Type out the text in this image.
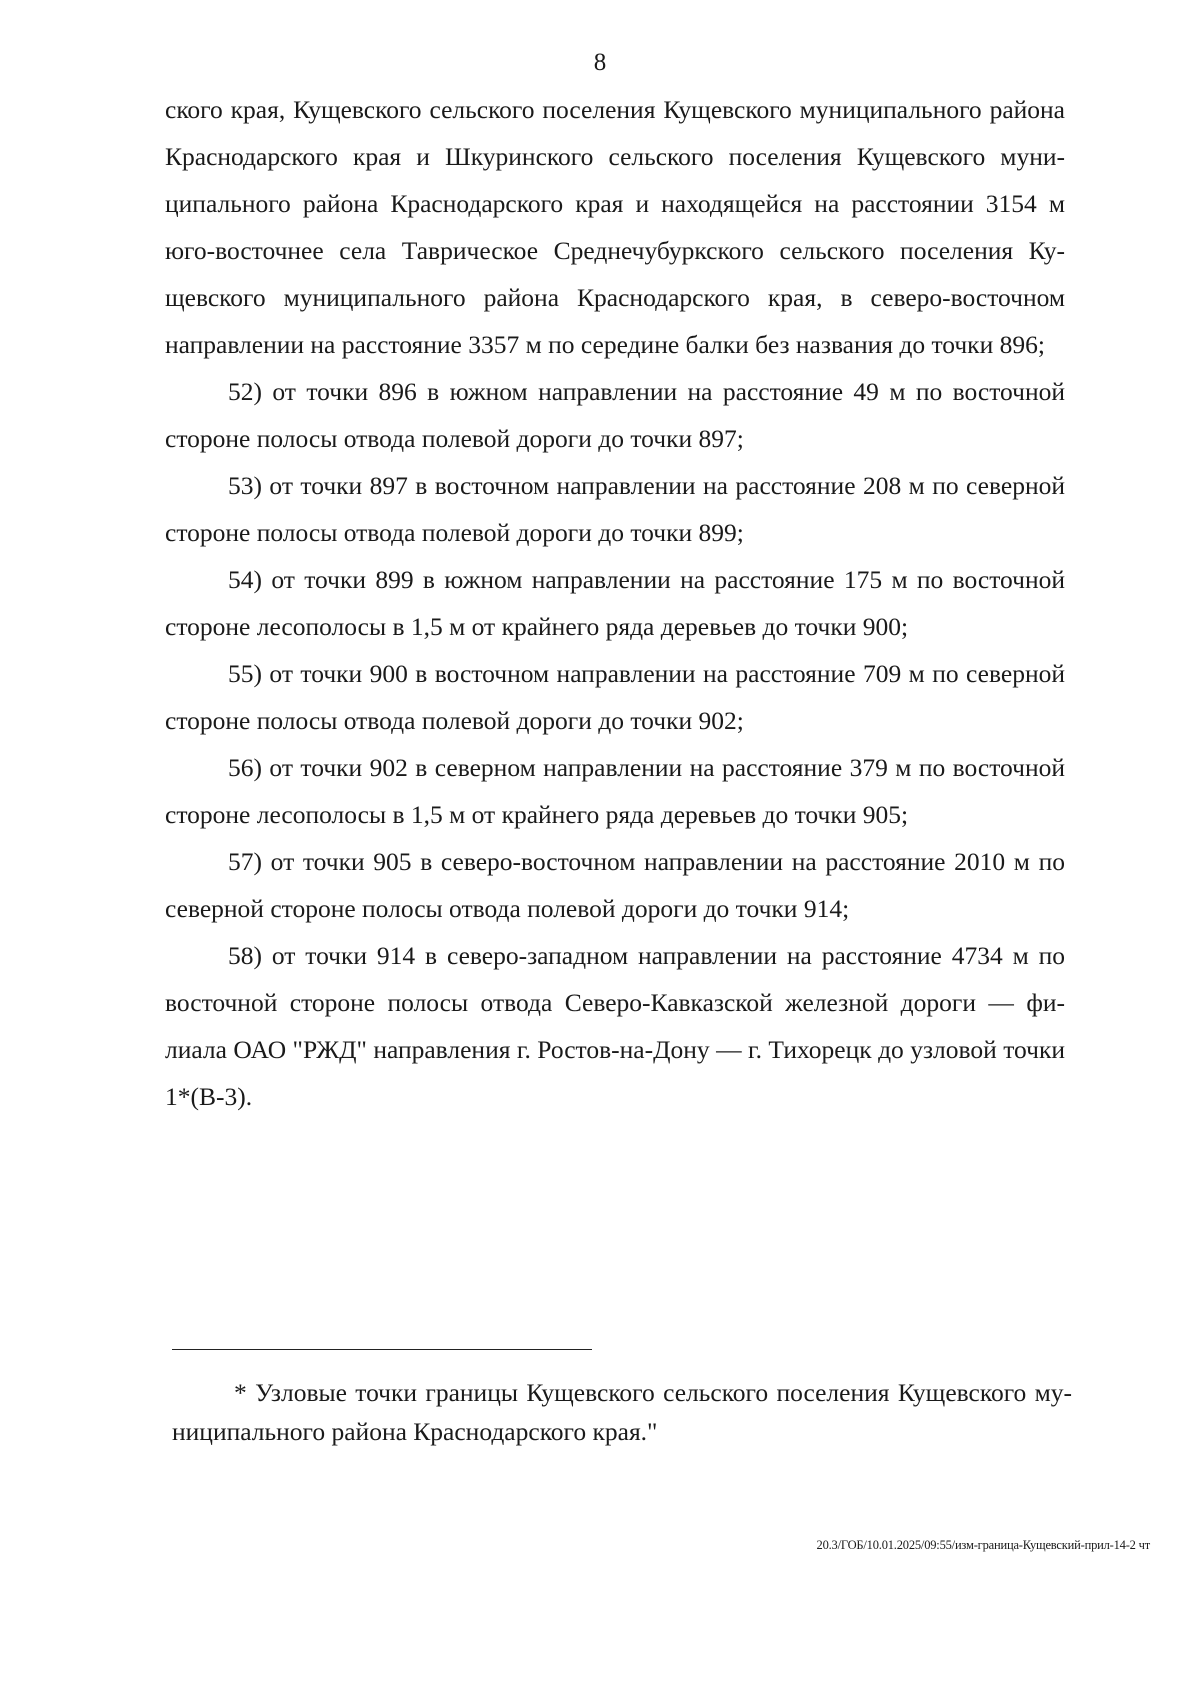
8

ского края, Кущевского сельского поселения Кущевского муниципального района Краснодарского края и Шкуринского сельского поселения Кущевского муниципального района Краснодарского края и находящейся на расстоянии 3154 м юго-восточнее села Таврическое Среднечубуркского сельского поселения Кущевского муниципального района Краснодарского края, в северо-восточном направлении на расстояние 3357 м по середине балки без названия до точки 896;

52) от точки 896 в южном направлении на расстояние 49 м по восточной стороне полосы отвода полевой дороги до точки 897;

53) от точки 897 в восточном направлении на расстояние 208 м по северной стороне полосы отвода полевой дороги до точки 899;

54) от точки 899 в южном направлении на расстояние 175 м по восточной стороне лесополосы в 1,5 м от крайнего ряда деревьев до точки 900;

55) от точки 900 в восточном направлении на расстояние 709 м по северной стороне полосы отвода полевой дороги до точки 902;

56) от точки 902 в северном направлении на расстояние 379 м по восточной стороне лесополосы в 1,5 м от крайнего ряда деревьев до точки 905;

57) от точки 905 в северо-восточном направлении на расстояние 2010 м по северной стороне полосы отвода полевой дороги до точки 914;

58) от точки 914 в северо-западном направлении на расстояние 4734 м по восточной стороне полосы отвода Северо-Кавказской железной дороги — филиала ОАО "РЖД" направления г. Ростов-на-Дону — г. Тихорецк до узловой точки 1*(В-3).

* Узловые точки границы Кущевского сельского поселения Кущевского муниципального района Краснодарского края."

20.3/ГОБ/10.01.2025/09:55/изм-граница-Кущевский-прил-14-2 чт
